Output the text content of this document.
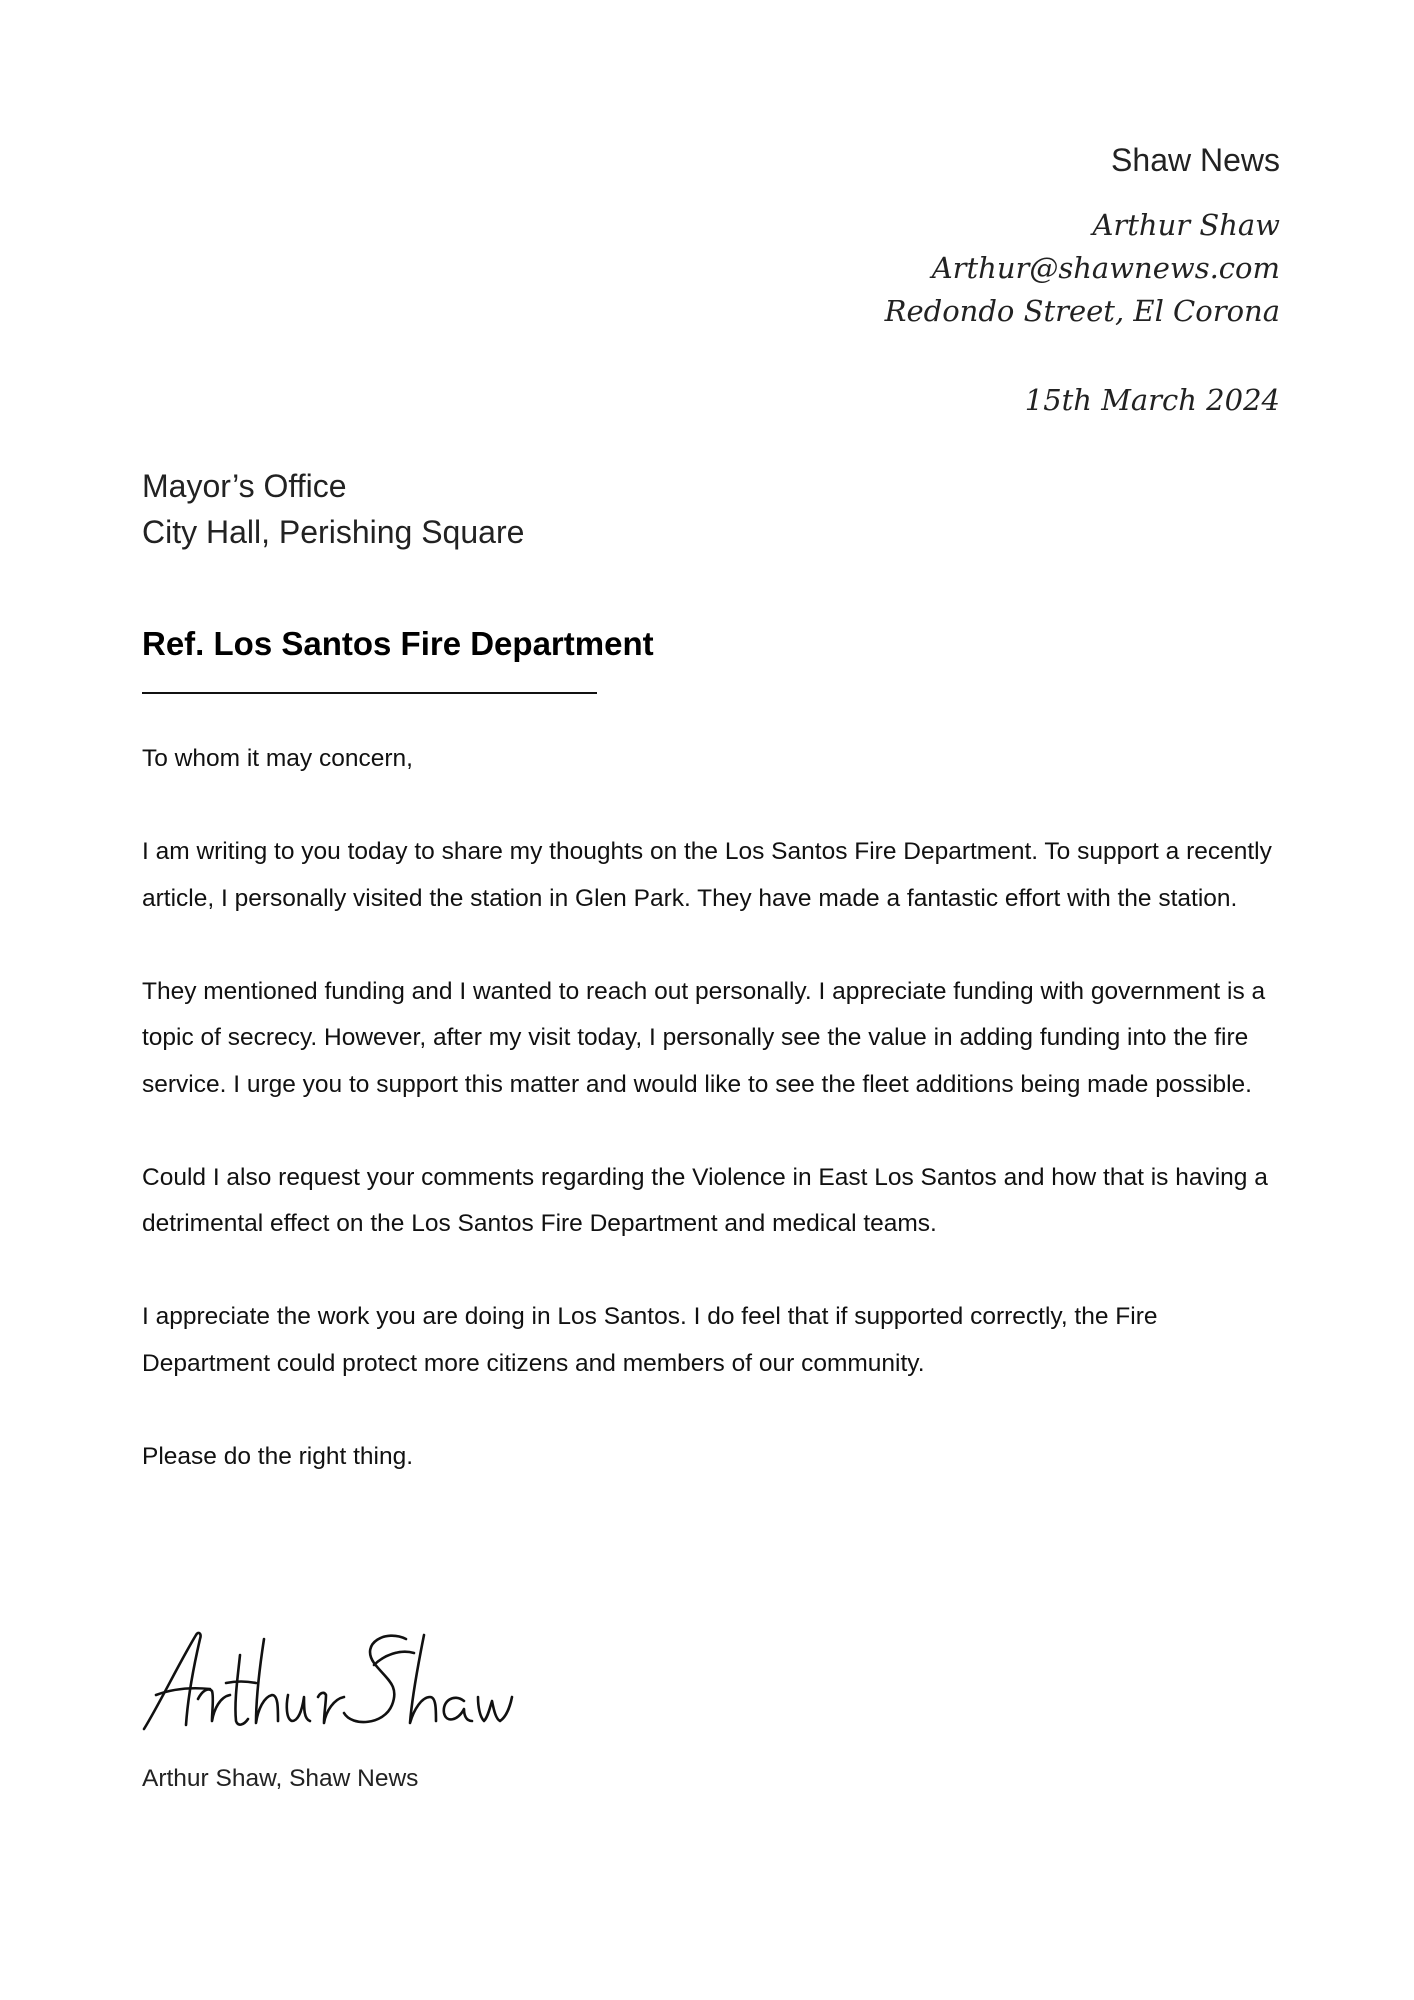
Shaw News
Arthur Shaw
Arthur@shawnews.com
Redondo Street, El Corona
15th March 2024
Mayor’s Office
City Hall, Perishing Square
Ref. Los Santos Fire Department

To whom it may concern,

I am writing to you today to share my thoughts on the Los Santos Fire Department. To support a recently article, I personally visited the station in Glen Park. They have made a fantastic effort with the station.

They mentioned funding and I wanted to reach out personally. I appreciate funding with government is a topic of secrecy. However, after my visit today, I personally see the value in adding funding into the fire service. I urge you to support this matter and would like to see the fleet additions being made possible.

Could I also request your comments regarding the Violence in East Los Santos and how that is having a detrimental effect on the Los Santos Fire Department and medical teams.

I appreciate the work you are doing in Los Santos. I do feel that if supported correctly, the Fire Department could protect more citizens and members of our community.

Please do the right thing.

Arthur Shaw, Shaw News
